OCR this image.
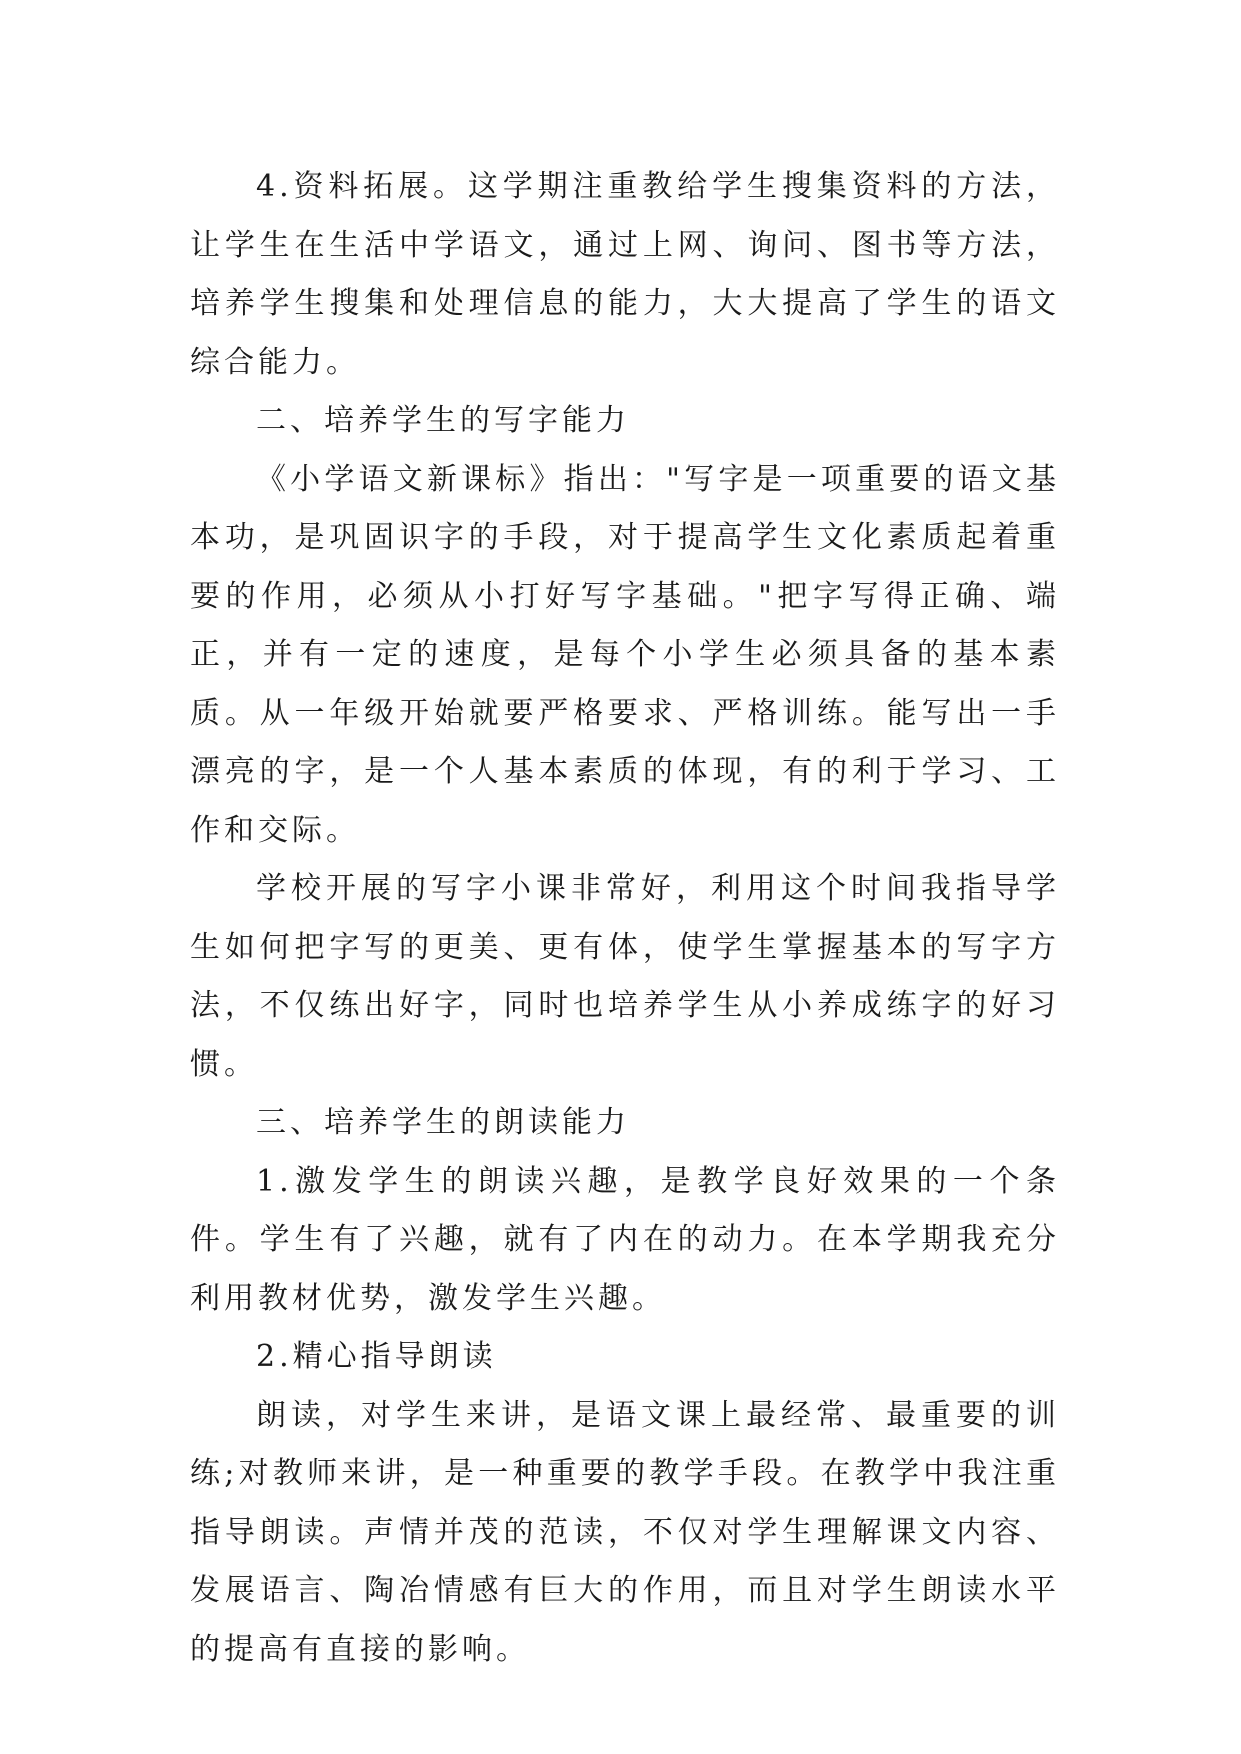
4.资料拓展。这学期注重教给学生搜集资料的方法，让学生在生活中学语文，通过上网、询问、图书等方法，培养学生搜集和处理信息的能力，大大提高了学生的语文综合能力。

二、培养学生的写字能力

《小学语文新课标》指出："写字是一项重要的语文基本功，是巩固识字的手段，对于提高学生文化素质起着重要的作用，必须从小打好写字基础。"把字写得正确、端正，并有一定的速度，是每个小学生必须具备的基本素质。从一年级开始就要严格要求、严格训练。能写出一手漂亮的字，是一个人基本素质的体现，有的利于学习、工作和交际。

学校开展的写字小课非常好，利用这个时间我指导学生如何把字写的更美、更有体，使学生掌握基本的写字方法，不仅练出好字，同时也培养学生从小养成练字的好习惯。

三、培养学生的朗读能力

1.激发学生的朗读兴趣，是教学良好效果的一个条件。学生有了兴趣，就有了内在的动力。在本学期我充分利用教材优势，激发学生兴趣。

2.精心指导朗读

朗读，对学生来讲，是语文课上最经常、最重要的训练;对教师来讲，是一种重要的教学手段。在教学中我注重指导朗读。声情并茂的范读，不仅对学生理解课文内容、发展语言、陶冶情感有巨大的作用，而且对学生朗读水平的提高有直接的影响。
